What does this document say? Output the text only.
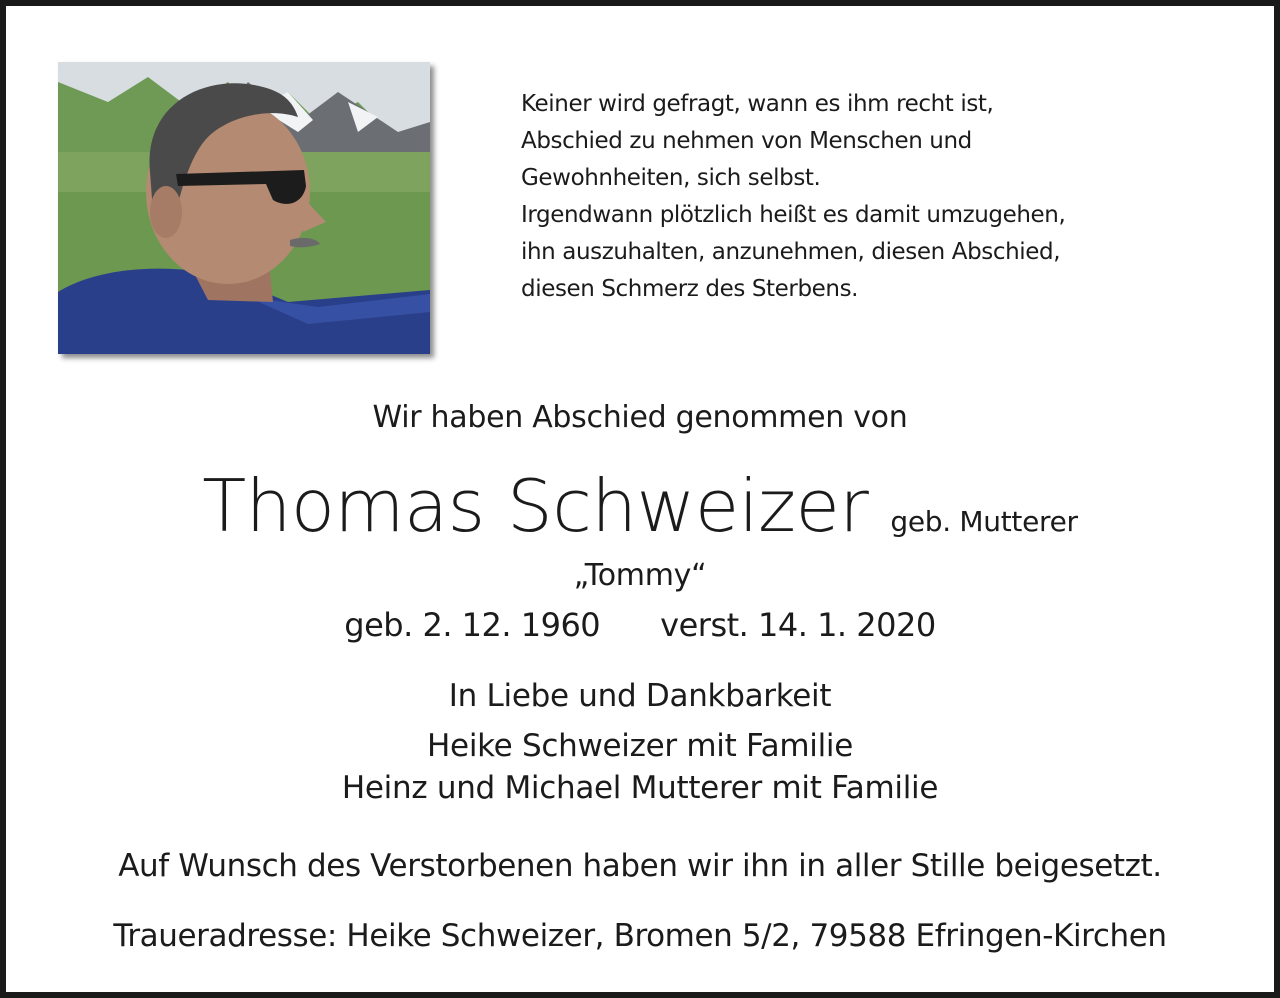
Keiner wird gefragt, wann es ihm recht ist,
Abschied zu nehmen von Menschen und
Gewohnheiten, sich selbst.
Irgendwann plötzlich heißt es damit umzugehen,
ihn auszuhalten, anzunehmen, diesen Abschied,
diesen Schmerz des Sterbens.
Wir haben Abschied genommen von
Thomas Schweizer geb. Mutterer
„Tommy“
geb. 2. 12. 1960 verst. 14. 1. 2020
In Liebe und Dankbarkeit
Heike Schweizer mit Familie
Heinz und Michael Mutterer mit Familie
Auf Wunsch des Verstorbenen haben wir ihn in aller Stille beigesetzt.
Traueradresse: Heike Schweizer, Bromen 5/2, 79588 Efringen-Kirchen
